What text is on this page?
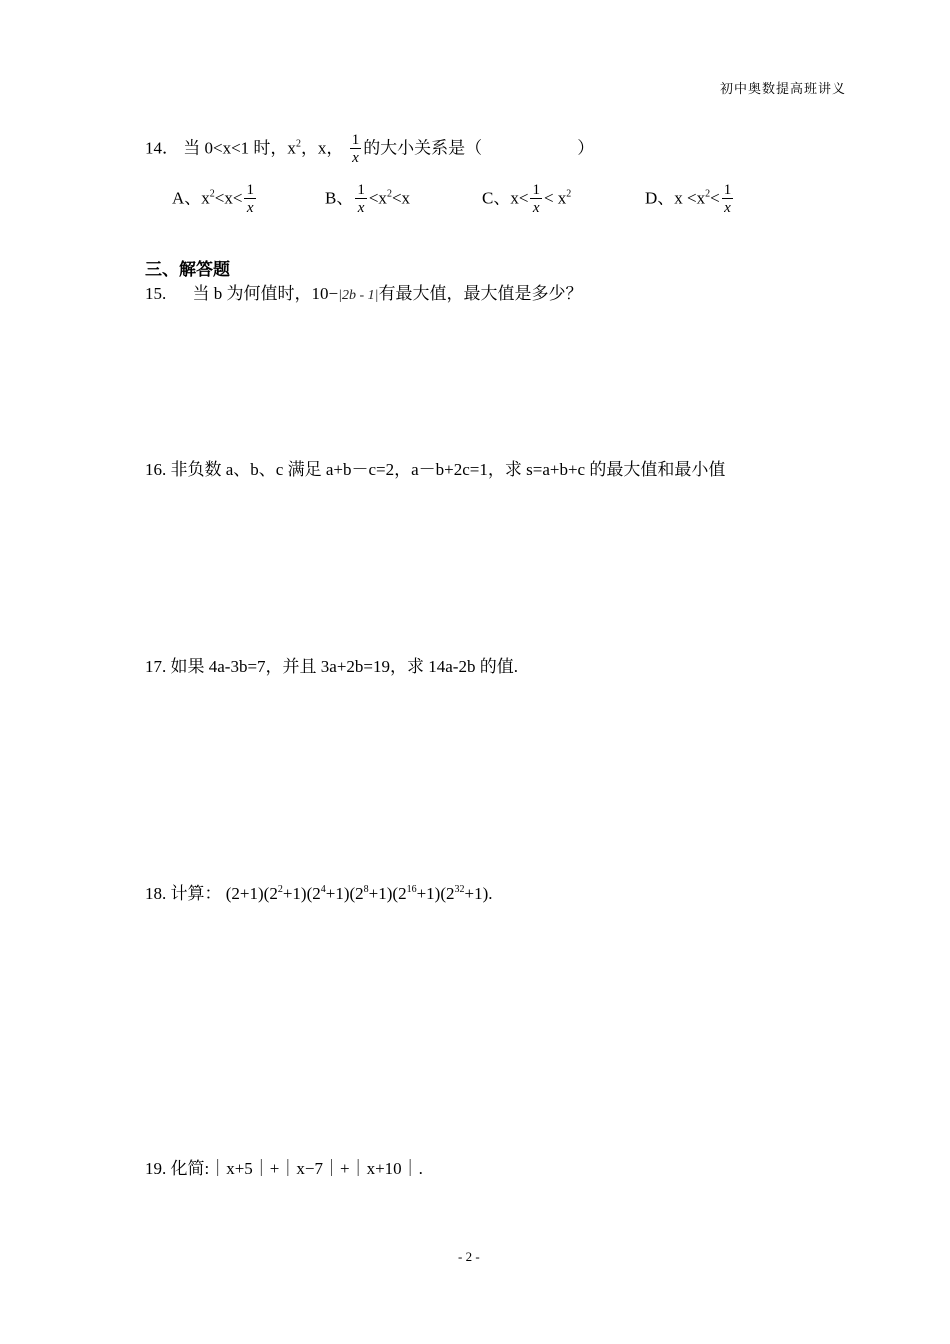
初中奥数提高班讲义
14． 当 0<x<1 时，$x^2$，x， $\frac{1}{x}$ 的大小关系是（	）
A、$x^2<x< \frac{1}{x}$	B、 $\frac{1}{x} <x^2<x$	C、$x< \frac{1}{x} < x^2$	D、$x <x^2< \frac{1}{x}$
三、解答题
15. 当 b 为何值时，10−|2b - 1|有最大值，最大值是多少？
16. 非负数 a、b、c 满足 a+b－c=2，a－b+2c=1，求 s=a+b+c 的最大值和最小值
17. 如果 4a-3b=7，并且 3a+2b=19，求 14a-2b 的值.
18. 计算： $(2+1)(2^2+1)(2^4+1)(2^8+1)(2^{16}+1)(2^{32}+1)$.
19. 化简:｜x+5｜+｜x−7｜+｜x+10｜.
- 2 -
